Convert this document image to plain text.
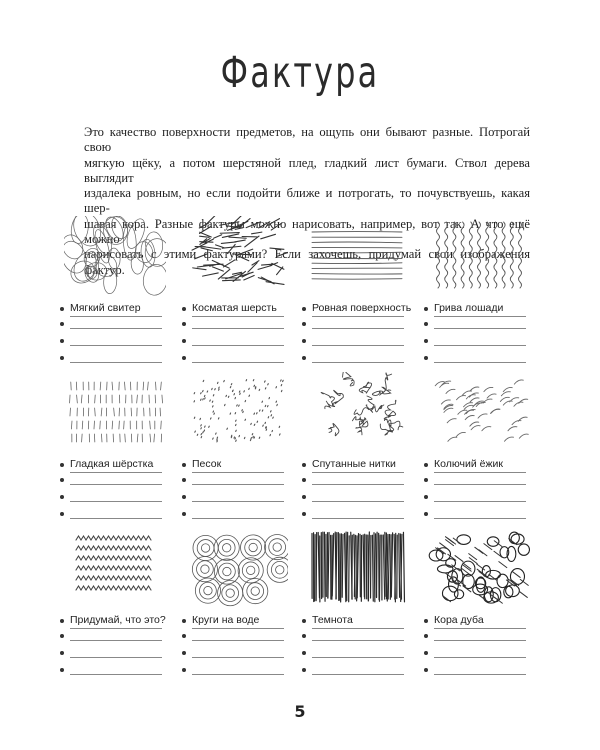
Фактура
Это качество поверхности предметов, на ощупь они бывают разные. Потрогай свою
мягкую щёку, а потом шерстяной плед, гладкий лист бумаги. Ствол дерева выглядит
издалека ровным, но если подойти ближе и потрогать, то почувствуешь, какая шер-
шавая кора. Разные фактуры можно нарисовать, например, вот так. А что ещё можно
нарисовать с этими фактурами? Если захочешь, придумай свои изображения фактур.
Мягкий свитер	Косматая шерсть	Ровная поверхность Грива лошади
Гладкая шёрстка	Песок	Спутанные нитки	Колючий ёжик
Придумай, что это?	Круги на воде	Темнота	Кора дуба
5
